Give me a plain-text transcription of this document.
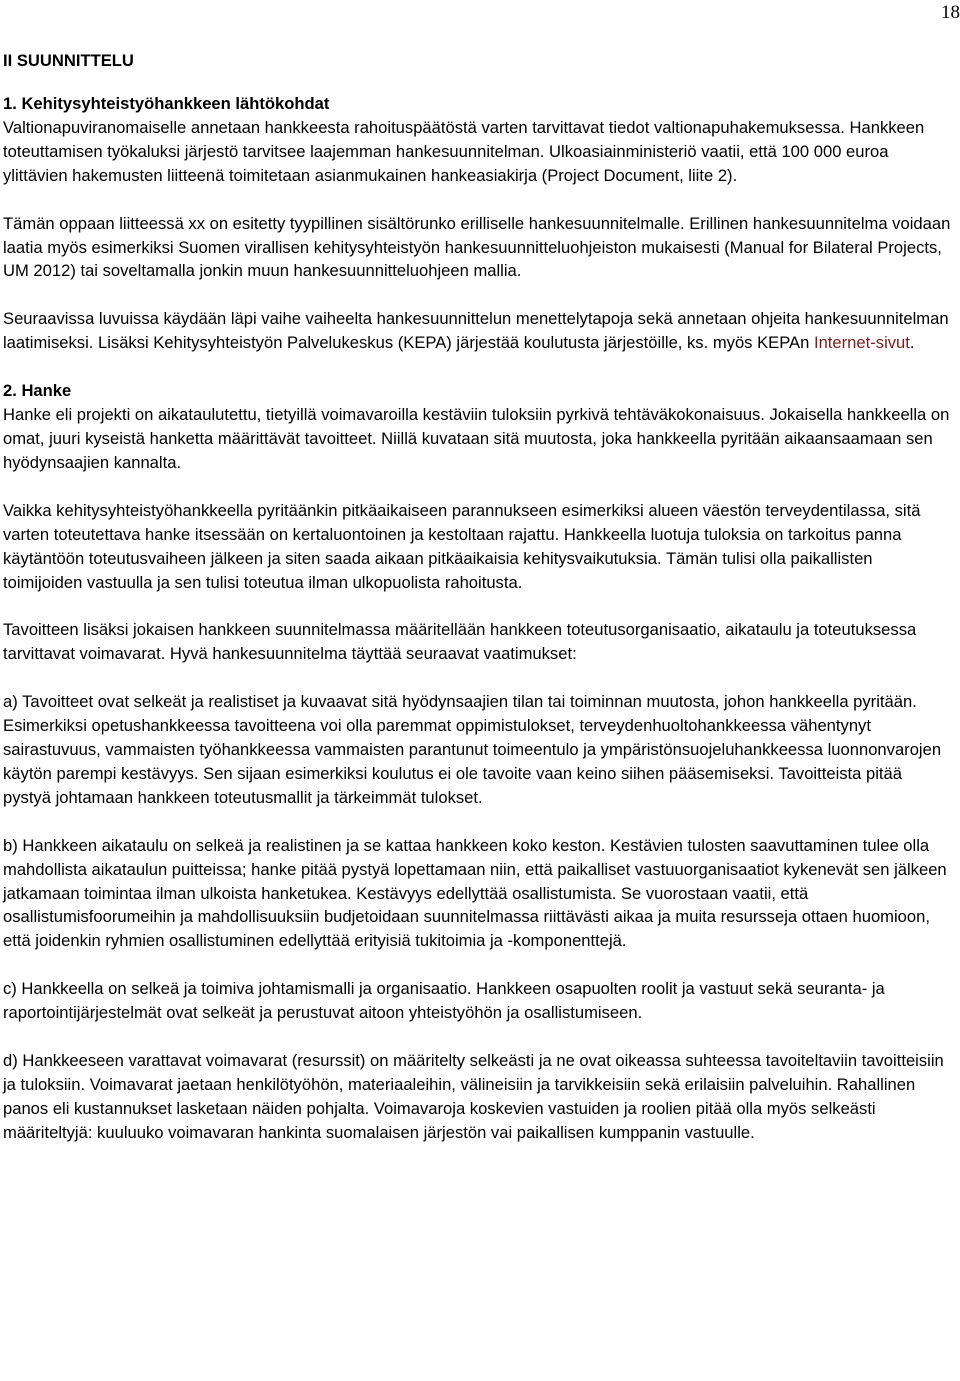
18
II SUUNNITTELU
1. Kehitysyhteistyöhankkeen lähtökohdat

Valtionapuviranomaiselle annetaan hankkeesta rahoituspäätöstä varten tarvittavat tiedot valtionapuhakemuksessa. Hankkeen toteuttamisen työkaluksi järjestö tarvitsee laajemman hankesuunnitelman. Ulkoasiainministeriö vaatii, että 100 000 euroa ylittävien hakemusten liitteenä toimitetaan asianmukainen hankeasiakirja (Project Document, liite 2).

Tämän oppaan liitteessä xx on esitetty tyypillinen sisältörunko erilliselle hankesuunnitelmalle. Erillinen hankesuunnitelma voidaan laatia myös esimerkiksi Suomen virallisen kehitysyhteistyön hankesuunnitteluohjeiston mukaisesti (Manual for Bilateral Projects, UM 2012) tai soveltamalla jonkin muun hankesuunnitteluohjeen mallia.

Seuraavissa luvuissa käydään läpi vaihe vaiheelta hankesuunnittelun menettelytapoja sekä annetaan ohjeita hankesuunnitelman laatimiseksi. Lisäksi Kehitysyhteistyön Palvelukeskus (KEPA) järjestää koulutusta järjestöille, ks. myös KEPAn Internet-sivut.

2. Hanke

Hanke eli projekti on aikataulutettu, tietyillä voimavaroilla kestäviin tuloksiin pyrkivä tehtäväkokonaisuus. Jokaisella hankkeella on omat, juuri kyseistä hanketta määrittävät tavoitteet. Niillä kuvataan sitä muutosta, joka hankkeella pyritään aikaansaamaan sen hyödynsaajien kannalta.

Vaikka kehitysyhteistyöhankkeella pyritäänkin pitkäaikaiseen parannukseen esimerkiksi alueen väestön terveydentilassa, sitä varten toteutettava hanke itsessään on kertaluontoinen ja kestoltaan rajattu. Hankkeella luotuja tuloksia on tarkoitus panna käytäntöön toteutusvaiheen jälkeen ja siten saada aikaan pitkäaikaisia kehitysvaikutuksia. Tämän tulisi olla paikallisten toimijoiden vastuulla ja sen tulisi toteutua ilman ulkopuolista rahoitusta.

Tavoitteen lisäksi jokaisen hankkeen suunnitelmassa määritellään hankkeen toteutusorganisaatio, aikataulu ja toteutuksessa tarvittavat voimavarat. Hyvä hankesuunnitelma täyttää seuraavat vaatimukset:

a) Tavoitteet ovat selkeät ja realistiset ja kuvaavat sitä hyödynsaajien tilan tai toiminnan muutosta, johon hankkeella pyritään. Esimerkiksi opetushankkeessa tavoitteena voi olla paremmat oppimistulokset, terveydenhuoltohankkeessa vähentynyt sairastuvuus, vammaisten työhankkeessa vammaisten parantunut toimeentulo ja ympäristönsuojeluhankkeessa luonnonvarojen käytön parempi kestävyys. Sen sijaan esimerkiksi koulutus ei ole tavoite vaan keino siihen pääsemiseksi. Tavoitteista pitää pystyä johtamaan hankkeen toteutusmallit ja tärkeimmät tulokset.

b) Hankkeen aikataulu on selkeä ja realistinen ja se kattaa hankkeen koko keston. Kestävien tulosten saavuttaminen tulee olla mahdollista aikataulun puitteissa; hanke pitää pystyä lopettamaan niin, että paikalliset vastuuorganisaatiot kykenevät sen jälkeen jatkamaan toimintaa ilman ulkoista hanketukea. Kestävyys edellyttää osallistumista. Se vuorostaan vaatii, että osallistumisfoorumeihin ja mahdollisuuksiin budjetoidaan suunnitelmassa riittävästi aikaa ja muita resursseja ottaen huomioon, että joidenkin ryhmien osallistuminen edellyttää erityisiä tukitoimia ja -komponenttejä.

c) Hankkeella on selkeä ja toimiva johtamismalli ja organisaatio. Hankkeen osapuolten roolit ja vastuut sekä seuranta- ja raportointijärjestelmät ovat selkeät ja perustuvat aitoon yhteistyöhön ja osallistumiseen.

d) Hankkeeseen varattavat voimavarat (resurssit) on määritelty selkeästi ja ne ovat oikeassa suhteessa tavoiteltaviin tavoitteisiin ja tuloksiin. Voimavarat jaetaan henkilötyöhön, materiaaleihin, välineisiin ja tarvikkeisiin sekä erilaisiin palveluihin. Rahallinen panos eli kustannukset lasketaan näiden pohjalta. Voimavaroja koskevien vastuiden ja roolien pitää olla myös selkeästi määriteltyjä: kuuluuko voimavaran hankinta suomalaisen järjestön vai paikallisen kumppanin vastuulle.
